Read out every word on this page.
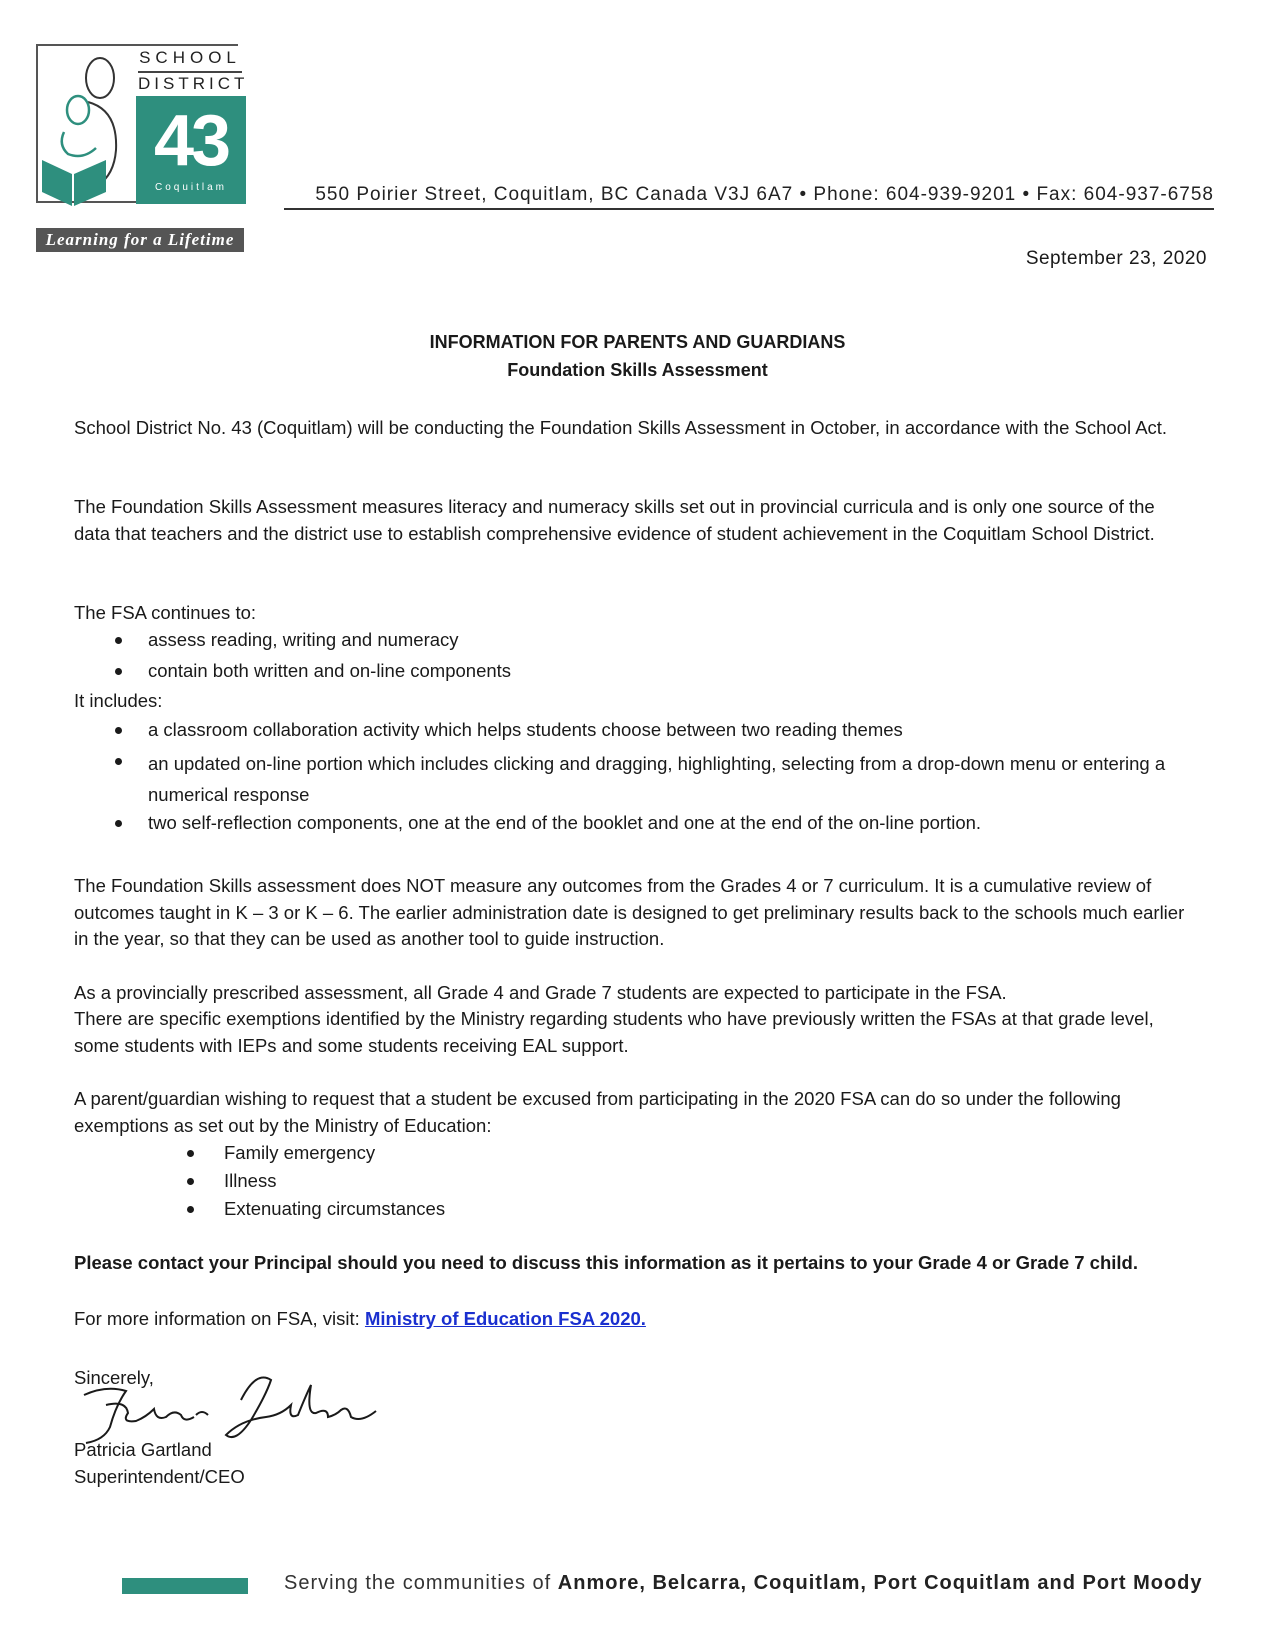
SCHOOL
DISTRICT
43
Coquitlam
Learning for a Lifetime
550 Poirier Street, Coquitlam, BC Canada V3J 6A7 • Phone: 604-939-9201 • Fax: 604-937-6758
September 23, 2020
INFORMATION FOR PARENTS AND GUARDIANS
Foundation Skills Assessment
School District No. 43 (Coquitlam) will be conducting the Foundation Skills Assessment in October, in accordance with the School Act.
The Foundation Skills Assessment measures literacy and numeracy skills set out in provincial curricula and is only one source of the data that teachers and the district use to establish comprehensive evidence of student achievement in the Coquitlam School District.
The FSA continues to:
assess reading, writing and numeracy
contain both written and on-line components
It includes:
a classroom collaboration activity which helps students choose between two reading themes
an updated on-line portion which includes clicking and dragging, highlighting, selecting from a drop-down menu or entering a numerical response
two self-reflection components, one at the end of the booklet and one at the end of the on-line portion.
The Foundation Skills assessment does NOT measure any outcomes from the Grades 4 or 7 curriculum. It is a cumulative review of outcomes taught in K – 3 or K – 6. The earlier administration date is designed to get preliminary results back to the schools much earlier in the year, so that they can be used as another tool to guide instruction.
As a provincially prescribed assessment, all Grade 4 and Grade 7 students are expected to participate in the FSA.
There are specific exemptions identified by the Ministry regarding students who have previously written the FSAs at that grade level, some students with IEPs and some students receiving EAL support.
A parent/guardian wishing to request that a student be excused from participating in the 2020 FSA can do so under the following exemptions as set out by the Ministry of Education:
Family emergency
Illness
Extenuating circumstances
Please contact your Principal should you need to discuss this information as it pertains to your Grade 4 or Grade 7 child.
For more information on FSA, visit: Ministry of Education FSA 2020.
Sincerely,
Patricia Gartland
Superintendent/CEO
Serving the communities of Anmore, Belcarra, Coquitlam, Port Coquitlam and Port Moody
